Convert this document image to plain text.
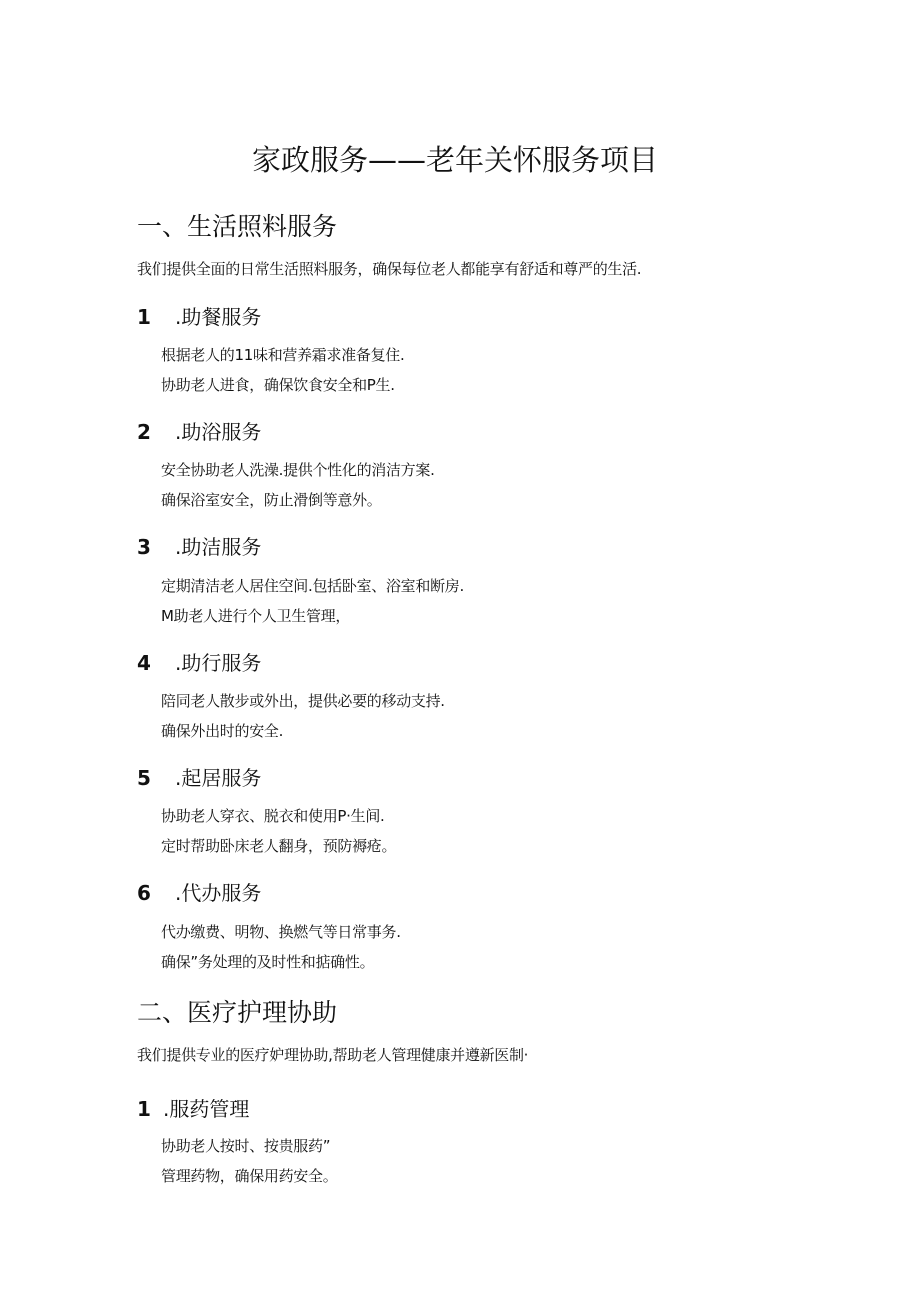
家政服务——老年关怀服务项目
一、生活照料服务

我们提供全面的日常生活照料服务，确保每位老人都能享有舒适和尊严的生活.

1 .助餐服务

根据老人的11味和营养霜求准备复住.

协助老人进食，确保饮食安全和P生.

2 .助浴服务

安全协助老人洗澡.提供个性化的消洁方案.

确保浴室安全，防止滑倒等意外。

3 .助洁服务

定期清洁老人居住空间.包括卧室、浴室和断房.

M助老人进行个人卫生管理，

4 .助行服务

陪同老人散步或外出，提供必要的移动支持.

确保外出时的安全.

5 .起居服务

协助老人穿衣、脱衣和使用P·生间.

定时帮助卧床老人翻身，预防褥疮。

6 .代办服务

代办缴费、明物、换燃气等日常事务.

确保”务处理的及时性和掂确性。

二、医疗护理协助

我们提供专业的医疗妒理协助,帮助老人管理健康并遵新医制·

1 .服药管理

协助老人按时、按贵服药”

管理药物，确保用药安全。
